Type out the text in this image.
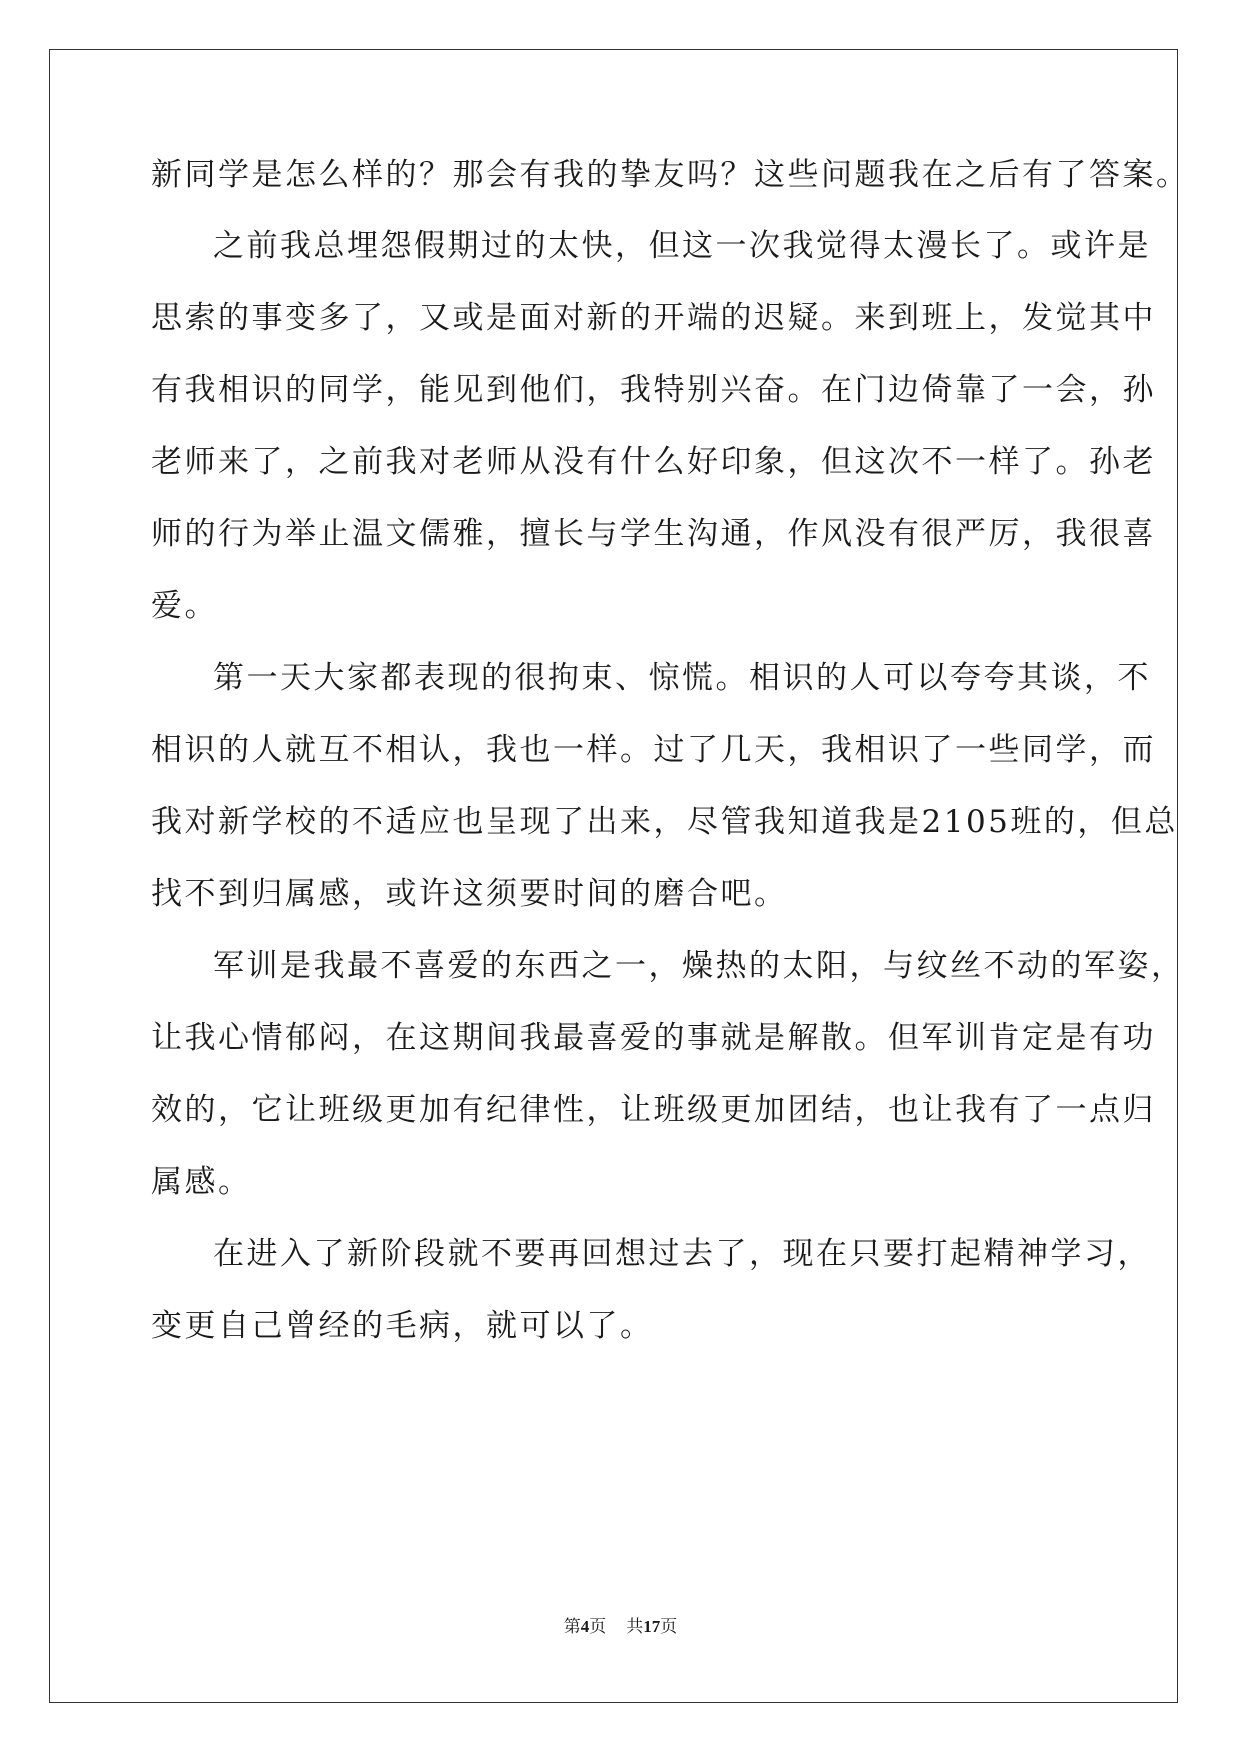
新同学是怎么样的？那会有我的挚友吗？这些问题我在之后有了答案。
之前我总埋怨假期过的太快，但这一次我觉得太漫长了。或许是
思索的事变多了，又或是面对新的开端的迟疑。来到班上，发觉其中
有我相识的同学，能见到他们，我特别兴奋。在门边倚靠了一会，孙
老师来了，之前我对老师从没有什么好印象，但这次不一样了。孙老
师的行为举止温文儒雅，擅长与学生沟通，作风没有很严厉，我很喜
爱。
第一天大家都表现的很拘束、惊慌。相识的人可以夸夸其谈，不
相识的人就互不相认，我也一样。过了几天，我相识了一些同学，而
我对新学校的不适应也呈现了出来，尽管我知道我是2105班的，但总
找不到归属感，或许这须要时间的磨合吧。
军训是我最不喜爱的东西之一，燥热的太阳，与纹丝不动的军姿，
让我心情郁闷，在这期间我最喜爱的事就是解散。但军训肯定是有功
效的，它让班级更加有纪律性，让班级更加团结，也让我有了一点归
属感。
在进入了新阶段就不要再回想过去了，现在只要打起精神学习，
变更自己曾经的毛病，就可以了。
第4页 共17页
